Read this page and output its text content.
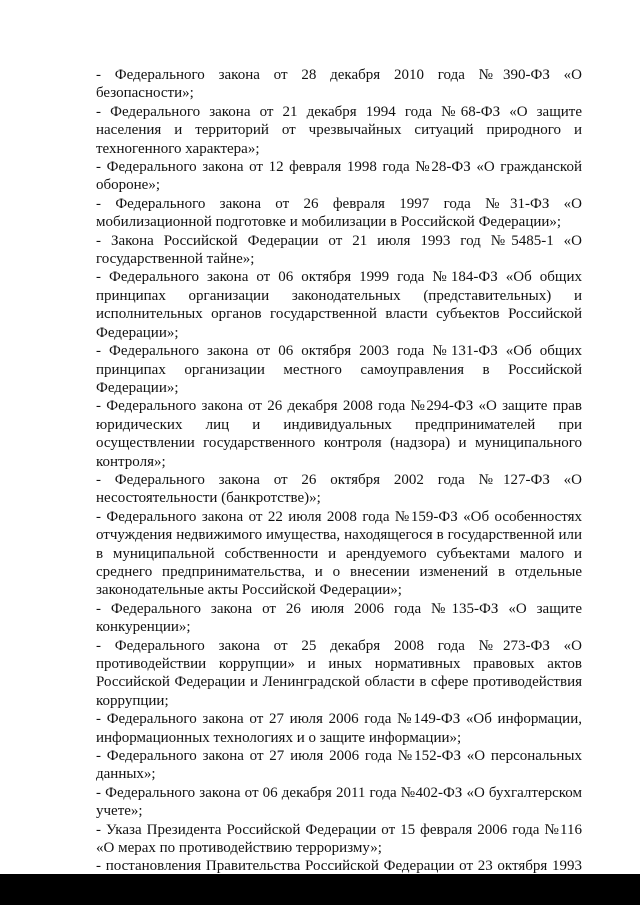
- Федерального закона от 28 декабря 2010 года №390-ФЗ «О безопасности»;

- Федерального закона от 21 декабря 1994 года №68-ФЗ «О защите населения и территорий от чрезвычайных ситуаций природного и техногенного характера»;

- Федерального закона от 12 февраля 1998 года №28-ФЗ «О гражданской обороне»;

- Федерального закона от 26 февраля 1997 года №31-ФЗ «О мобилизационной подготовке и мобилизации в Российской Федерации»;

- Закона Российской Федерации от 21 июля 1993 год №5485-1 «О государственной тайне»;

- Федерального закона от 06 октября 1999 года №184-ФЗ «Об общих принципах организации законодательных (представительных) и исполнительных органов государственной власти субъектов Российской Федерации»;

- Федерального закона от 06 октября 2003 года №131-ФЗ «Об общих принципах организации местного самоуправления в Российской Федерации»;

- Федерального закона от 26 декабря 2008 года №294-ФЗ «О защите прав юридических лиц и индивидуальных предпринимателей при осуществлении государственного контроля (надзора) и муниципального контроля»;

- Федерального закона от 26 октября 2002 года №127-ФЗ «О несостоятельности (банкротстве)»;

- Федерального закона от 22 июля 2008 года №159-ФЗ «Об особенностях отчуждения недвижимого имущества, находящегося в государственной или в муниципальной собственности и арендуемого субъектами малого и среднего предпринимательства, и о внесении изменений в отдельные законодательные акты Российской Федерации»;

- Федерального закона от 26 июля 2006 года №135-ФЗ «О защите конкуренции»;

- Федерального закона от 25 декабря 2008 года №273-ФЗ «О противодействии коррупции» и иных нормативных правовых актов Российской Федерации и Ленинградской области в сфере противодействия коррупции;

- Федерального закона от 27 июля 2006 года №149-ФЗ «Об информации, информационных технологиях и о защите информации»;

- Федерального закона от 27 июля 2006 года №152-ФЗ «О персональных данных»;

- Федерального закона от 06 декабря 2011 года №402-ФЗ «О бухгалтерском учете»;

- Указа Президента Российской Федерации от 15 февраля 2006 года №116 «О мерах по противодействию терроризму»;

- постановления Правительства Российской Федерации от 23 октября 1993
